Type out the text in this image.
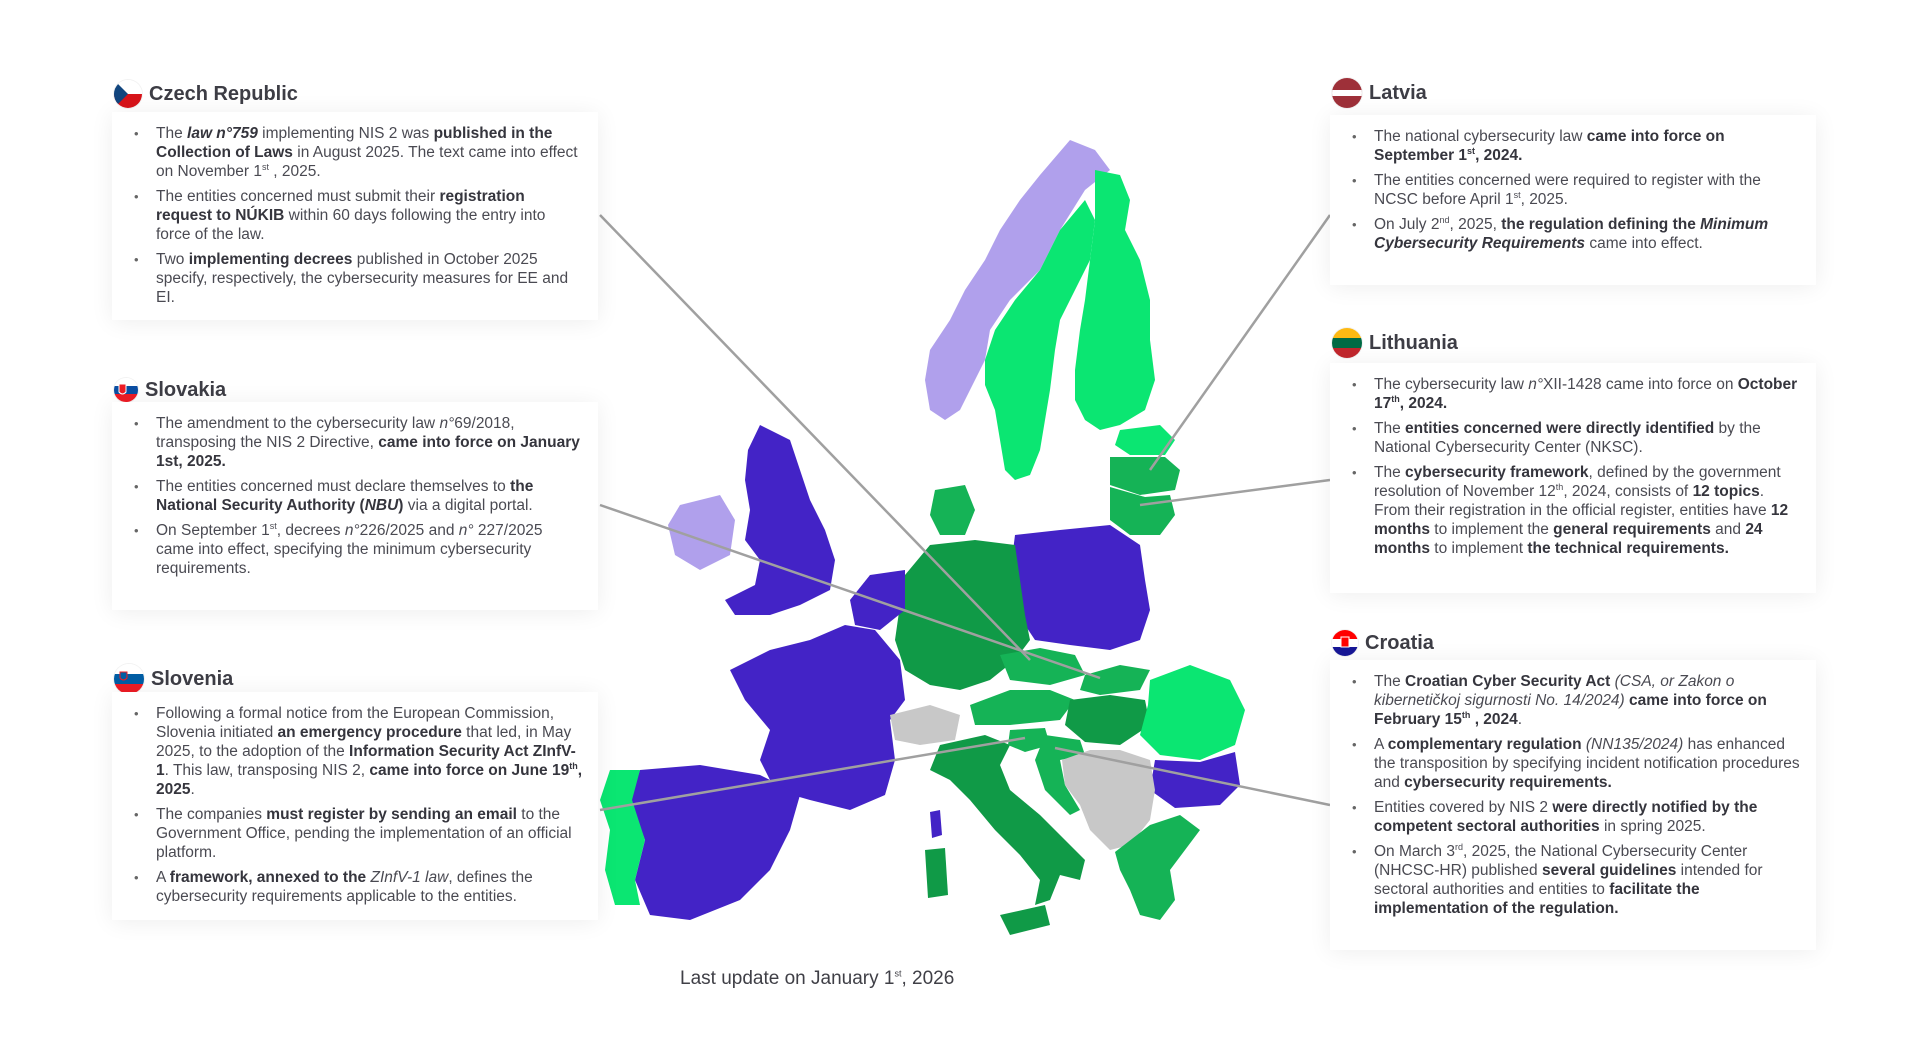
Czech Republic
• The law n°759 implementing NIS 2 was published in the Collection of Laws in August 2025. The text came into effect on November 1st , 2025.
• The entities concerned must submit their registration request to NÚKIB within 60 days following the entry into force of the law.
• Two implementing decrees published in October 2025 specify, respectively, the cybersecurity measures for EE and EI.
Slovakia
• The amendment to the cybersecurity law n°69/2018, transposing the NIS 2 Directive, came into force on January 1st, 2025.
• The entities concerned must declare themselves to the National Security Authority (NBU) via a digital portal.
• On September 1st, decrees n°226/2025 and n° 227/2025 came into effect, specifying the minimum cybersecurity requirements.
Slovenia
• Following a formal notice from the European Commission, Slovenia initiated an emergency procedure that led, in May 2025, to the adoption of the Information Security Act ZInfV-1. This law, transposing NIS 2, came into force on June 19th, 2025.
• The companies must register by sending an email to the Government Office, pending the implementation of an official platform.
• A framework, annexed to the ZInfV-1 law, defines the cybersecurity requirements applicable to the entities.
Latvia
• The national cybersecurity law came into force on September 1st, 2024.
• The entities concerned were required to register with the NCSC before April 1st, 2025.
• On July 2nd, 2025, the regulation defining the Minimum Cybersecurity Requirements came into effect.
Lithuania
• The cybersecurity law n°XII-1428 came into force on October 17th, 2024.
• The entities concerned were directly identified by the National Cybersecurity Center (NKSC).
• The cybersecurity framework, defined by the government resolution of November 12th, 2024, consists of 12 topics. From their registration in the official register, entities have 12 months to implement the general requirements and 24 months to implement the technical requirements.
Croatia
• The Croatian Cyber Security Act (CSA, or Zakon o kibernetičkoj sigurnosti No. 14/2024) came into force on February 15th , 2024.
• A complementary regulation (NN135/2024) has enhanced the transposition by specifying incident notification procedures and cybersecurity requirements.
• Entities covered by NIS 2 were directly notified by the competent sectoral authorities in spring 2025.
• On March 3rd, 2025, the National Cybersecurity Center (NHCSC-HR) published several guidelines intended for sectoral authorities and entities to facilitate the implementation of the regulation.
Last update on January 1st, 2026
